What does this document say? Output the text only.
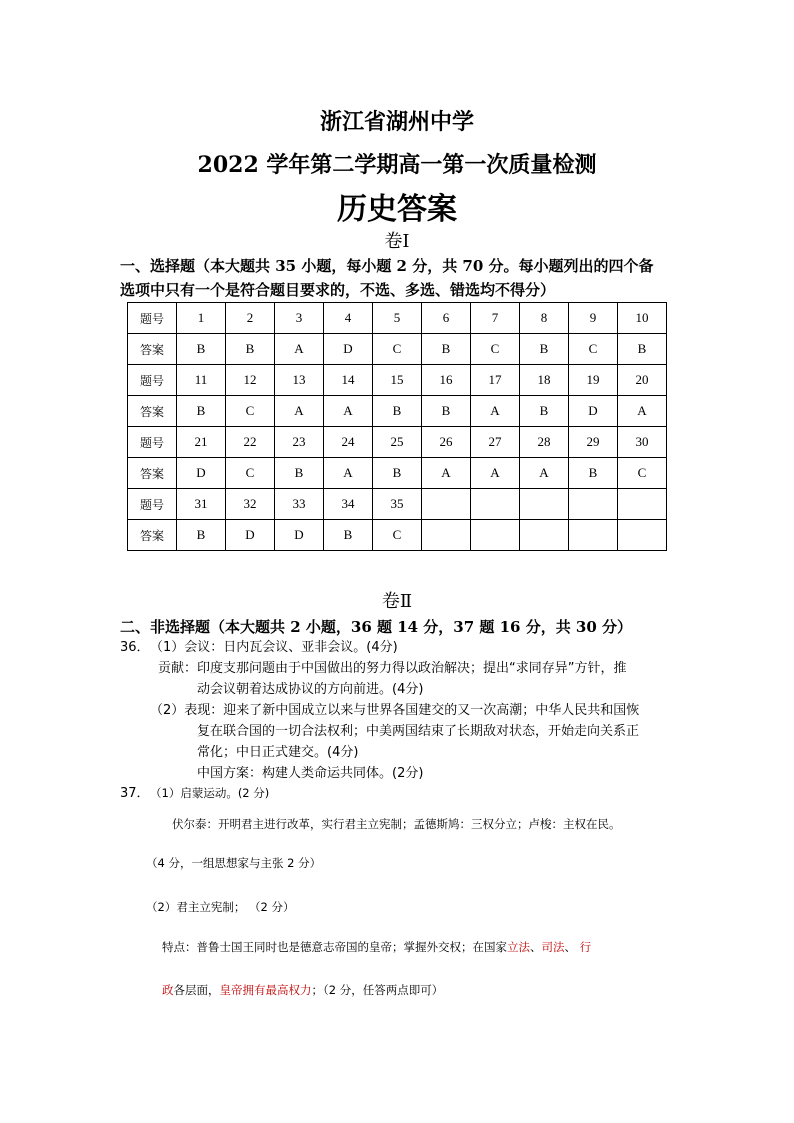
浙江省湖州中学
2022 学年第二学期高一第一次质量检测
历史答案
卷Ⅰ
一、选择题（本大题共 35 小题，每小题 2 分，共 70 分。每小题列出的四个备
选项中只有一个是符合题目要求的，不选、多选、错选均不得分）
题号	1	2	3	4	5	6	7	8	9	10
答案	B	B	A	D	C	B	C	B	C	B
题号	11	12	13	14	15	16	17	18	19	20
答案	B	C	A	A	B	B	A	B	D	A
题号	21	22	23	24	25	26	27	28	29	30
答案	D	C	B	A	B	A	A	A	B	C
题号	31	32	33	34	35					
答案	B	D	D	B	C					
卷Ⅱ
二、非选择题（本大题共 2 小题，36 题 14 分，37 题 16 分，共 30 分）
36． （1）会议：日内瓦会议、亚非会议。(4分)
贡献：印度支那问题由于中国做出的努力得以政治解决；提出“求同存异”方针，推
动会议朝着达成协议的方向前进。(4分)
（2）表现：迎来了新中国成立以来与世界各国建交的又一次高潮；中华人民共和国恢
复在联合国的一切合法权利；中美两国结束了长期敌对状态，开始走向关系正
常化；中日正式建交。(4分)
中国方案：构建人类命运共同体。(2分)
37． （1）启蒙运动。(2 分)
伏尔泰：开明君主进行改革，实行君主立宪制；孟德斯鸠：三权分立；卢梭：主权在民。
（4 分，一组思想家与主张 2 分）
（2）君主立宪制； （2 分）
特点：普鲁士国王同时也是德意志帝国的皇帝；掌握外交权；在国家立法、司法、 行
政各层面，皇帝拥有最高权力；（2 分，任答两点即可）
